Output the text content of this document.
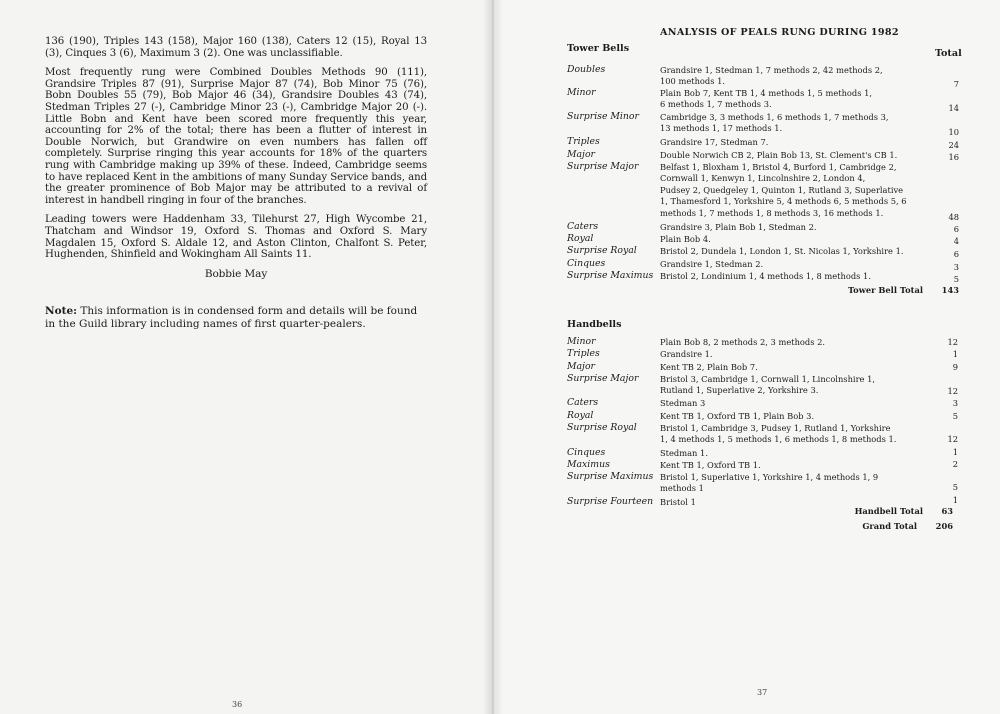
136 (190), Triples 143 (158), Major 160 (138), Caters 12 (15), Royal 13 (3), Cinques 3 (6), Maximum 3 (2). One was unclassifiable.

Most frequently rung were Combined Doubles Methods 90 (111), Grandsire Triples 87 (91), Surprise Major 87 (74), Bob Minor 75 (76), Bobn Doubles 55 (79), Bob Major 46 (34), Grandsire Doubles 43 (74), Stedman Triples 27 (-), Cambridge Minor 23 (-), Cambridge Major 20 (-). Little Bobn and Kent have been scored more frequently this year, accounting for 2% of the total; there has been a flutter of interest in Double Norwich, but Grandwire on even numbers has fallen off completely. Surprise ringing this year accounts for 18% of the quarters rung with Cambridge making up 39% of these. Indeed, Cambridge seems to have replaced Kent in the ambitions of many Sunday Service bands, and the greater prominence of Bob Major may be attributed to a revival of interest in handbell ringing in four of the branches.

Leading towers were Haddenham 33, Tilehurst 27, High Wycombe 21, Thatcham and Windsor 19, Oxford S. Thomas and Oxford S. Mary Magdalen 15, Oxford S. Aldale 12, and Aston Clinton, Chalfont S. Peter, Hughenden, Shinfield and Wokingham All Saints 11.

Bobbie May
Note: This information is in condensed form and details will be found in the Guild library including names of first quarter-pealers.
36
37
ANALYSIS OF PEALS RUNG DURING 1982
Tower Bells	Total
Doubles	Grandsire 1, Stedman 1, 7 methods 2, 42 methods 2,
100 methods 1.	7
Minor	Plain Bob 7, Kent TB 1, 4 methods 1, 5 methods 1,
6 methods 1, 7 methods 3.	14
Surprise Minor	Cambridge 3, 3 methods 1, 6 methods 1, 7 methods 3,
13 methods 1, 17 methods 1.	10
Triples	Grandsire 17, Stedman 7.	24
Major	Double Norwich CB 2, Plain Bob 13, St. Clement's CB 1.	16
Surprise Major	Belfast 1, Bloxham 1, Bristol 4, Burford 1, Cambridge 2,
Cornwall 1, Kenwyn 1, Lincolnshire 2, London 4,
Pudsey 2, Quedgeley 1, Quinton 1, Rutland 3, Superlative
1, Thamesford 1, Yorkshire 5, 4 methods 6, 5 methods 5, 6
methods 1, 7 methods 1, 8 methods 3, 16 methods 1.	48
Caters	Grandsire 3, Plain Bob 1, Stedman 2.	6
Royal	Plain Bob 4.	4
Surprise Royal	Bristol 2, Dundela 1, London 1, St. Nicolas 1, Yorkshire 1.	6
Cinques	Grandsire 1, Stedman 2.	3
Surprise Maximus Bristol 2, Londinium 1, 4 methods 1, 8 methods 1.	5
Tower Bell Total	143
Handbells
Minor	Plain Bob 8, 2 methods 2, 3 methods 2.	12
Triples	Grandsire 1.	1
Major	Kent TB 2, Plain Bob 7.	9
Surprise Major	Bristol 3, Cambridge 1, Cornwall 1, Lincolnshire 1,
Rutland 1, Superlative 2, Yorkshire 3.	12
Caters	Stedman 3	3
Royal	Kent TB 1, Oxford TB 1, Plain Bob 3.	5
Surprise Royal	Bristol 1, Cambridge 3, Pudsey 1, Rutland 1, Yorkshire
1, 4 methods 1, 5 methods 1, 6 methods 1, 8 methods 1.	12
Cinques	Stedman 1.	1
Maximus	Kent TB 1, Oxford TB 1.	2
Surprise Maximus Bristol 1, Superlative 1, Yorkshire 1, 4 methods 1, 9
methods 1	5
Surprise Fourteen Bristol 1	1
Handbell Total	63
Grand Total 206
